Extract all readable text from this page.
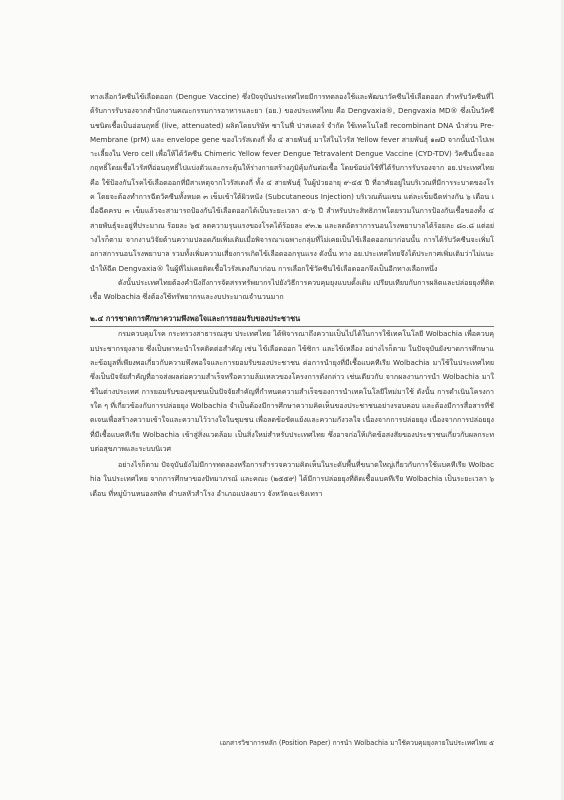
ทางเลือกวัคซีนไข้เลือดออก (Dengue Vaccine) ซึ่งปัจจุบันประเทศไทยมีการทดลองใช้และพัฒนาวัคซีนไข้เลือดออก สำหรับวัคซีนที่ได้รับการรับรองจากสำนักงานคณะกรรมการอาหารและยา (อย.) ของประเทศไทย คือ Dengvaxia®, Dengvaxia MD® ซึ่งเป็นวัคซีนชนิดเชื้อเป็นอ่อนฤทธิ์ (live, attenuated) ผลิตโดยบริษัท ซาโนฟี่ ปาสเตอร์ จำกัด ใช้เทคโนโลยี recombinant DNA นำส่วน Pre-Membrane (prM) และ envelope gene ของไวรัสเดงกี่ ทั้ง ๔ สายพันธุ์ มาใส่ในไวรัส Yellow fever สายพันธุ์ ๑๗D จากนั้นนำไปเพาะเลี้ยงใน Vero cell เพื่อให้ได้วัคซีน Chimeric Yellow fever Dengue Tetravalent Dengue Vaccine (CYD-TDV) วัคซีนนี้จะออกฤทธิ์โดยเชื้อไวรัสที่อ่อนฤทธิ์ไปแบ่งตัวและกระตุ้นให้ร่างกายสร้างภูมิคุ้มกันต่อเชื้อ โดยข้อบ่งใช้ที่ได้รับการรับรองจาก อย.ประเทศไทย คือ ใช้ป้องกันโรคไข้เลือดออกที่มีสาเหตุจากไวรัสเดงกี่ ทั้ง ๔ สายพันธุ์ ในผู้ป่วยอายุ ๙-๔๕ ปี ที่อาศัยอยู่ในบริเวณที่มีการระบาดของโรค โดยจะต้องทำการฉีดวัคซีนทั้งหมด ๓ เข็มเข้าใต้ผิวหนัง (Subcutaneous Injection) บริเวณต้นแขน แต่ละเข็มฉีดห่างกัน ๖ เดือน เมื่อฉีดครบ ๓ เข็มแล้วจะสามารถป้องกันไข้เลือดออกได้เป็นระยะเวลา ๕-๖ ปี สำหรับประสิทธิภาพโดยรวมในการป้องกันเชื้อของทั้ง ๔ สายพันธุ์จะอยู่ที่ประมาณ ร้อยละ ๖๕ ลดความรุนแรงของโรคได้ร้อยละ ๙๓.๒ และลดอัตราการนอนโรงพยาบาลได้ร้อยละ ๘๐.๘ แต่อย่างไรก็ตาม จากงานวิจัยด้านความปลอดภัยเพิ่มเติมเมื่อพิจารณาเฉพาะกลุ่มที่ไม่เคยเป็นไข้เลือดออกมาก่อนนั้น การได้รับวัคซีนจะเพิ่มโอกาสการนอนโรงพยาบาล รวมทั้งเพิ่มความเสี่ยงการเกิดไข้เลือดออกรุนแรง ดังนั้น ทาง อย.ประเทศไทยจึงได้ประกาศเพิ่มเติมว่าไม่แนะนำให้ฉีด Dengvaxia® ในผู้ที่ไม่เคยติดเชื้อไวรัสเดงกีมาก่อน การเลือกใช้วัคซีนไข้เลือดออกจึงเป็นอีกทางเลือกหนึ่ง

ดังนั้นประเทศไทยต้องคำนึงถึงการจัดสรรทรัพยากรไปยังวิธีการควบคุมยุงแบบดั้งเดิม เปรียบเทียบกับการผลิตและปล่อยยุงที่ติดเชื้อ Wolbachia ซึ่งต้องใช้ทรัพยากรและงบประมาณจำนวนมาก

๒.๔ การชาดการศึกษาความพึงพอใจและการยอมรับของประชาชน

กรมควบคุมโรค กระทรวงสาธารณสุข ประเทศไทย ได้พิจารณาถึงความเป็นไปได้ในการใช้เทคโนโลยี Wolbachia เพื่อควบคุมประชากรยุงลาย ซึ่งเป็นพาหะนำโรคติดต่อสำคัญ เช่น ไข้เลือดออก ไข้ซิกา และไข้เหลือง อย่างไรก็ตาม ในปัจจุบันยังขาดการศึกษาและข้อมูลที่เพียงพอเกี่ยวกับความพึงพอใจและการยอมรับของประชาชน ต่อการนำยุงที่มีเชื้อแบคทีเรีย Wolbachia มาใช้ในประเทศไทย ซึ่งเป็นปัจจัยสำคัญที่อาจส่งผลต่อความสำเร็จหรือความล้มเหลวของโครงการดังกล่าว เช่นเดียวกับ จากผลงานการนำ Wolbachia มาใช้ในต่างประเทศ การยอมรับของชุมชนเป็นปัจจัยสำคัญที่กำหนดความสำเร็จของการนำเทคโนโลยีใหม่มาใช้ ดังนั้น การดำเนินโครงการใด ๆ ที่เกี่ยวข้องกับการปล่อยยุง Wolbachia จำเป็นต้องมีการศึกษาความคิดเห็นของประชาชนอย่างรอบคอบ และต้องมีการสื่อสารที่ชัดเจนเพื่อสร้างความเข้าใจและความไว้วางใจในชุมชน เพื่อลดข้อขัดแย้งและความกังวลใจ เนื่องจากการปล่อยยุง เนื่องจากการปล่อยยุงที่มีเชื้อแบคทีเรีย Wolbachia เข้าสู่สิ่งแวดล้อม เป็นสิ่งใหม่สำหรับประเทศไทย ซึ่งอาจก่อให้เกิดข้อสงสัยของประชาชนเกี่ยวกับผลกระทบต่อสุขภาพและระบบนิเวศ

อย่างไรก็ตาม ปัจจุบันยังไม่มีการทดลองหรือการสำรวจความคิดเห็นในระดับพื้นที่ขนาดใหญ่เกี่ยวกับการใช้แบคทีเรีย Wolbachia ในประเทศไทย จากการศึกษาของปัทมาภรณ์ และคณะ (๒๕๕๙) ได้มีการปล่อยยุงที่ติดเชื้อแบคทีเรีย Wolbachia เป็นระยะเวลา ๖ เดือน ที่หมู่บ้านหนองสทิด ตำบลหัวสำโรง อำเภอแปลงยาว จังหวัดฉะเชิงเทรา

เอกสารวิชาการหลัก (Position Paper) การนำ Wolbachia มาใช้ควบคุมยุงลายในประเทศไทย ๕
